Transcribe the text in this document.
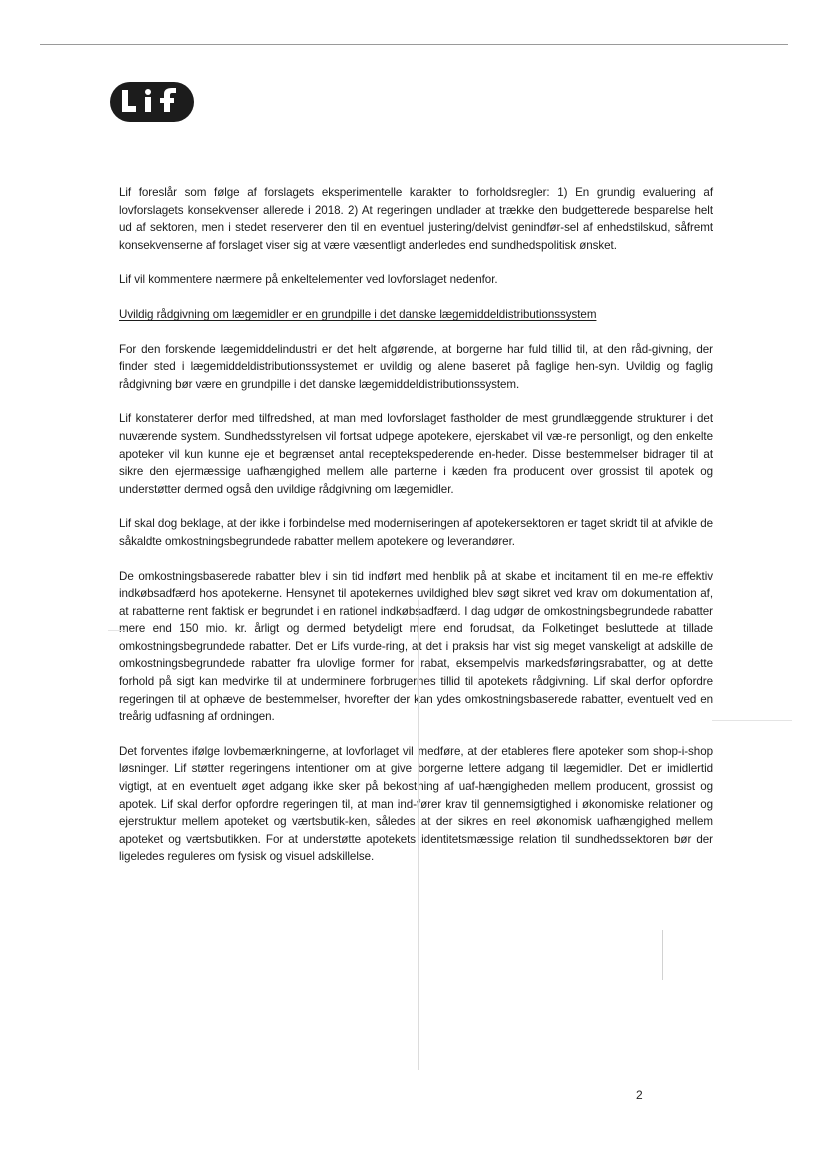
Lif foreslår som følge af forslagets eksperimentelle karakter to forholdsregler: 1) En grundig evaluering af lovforslagets konsekvenser allerede i 2018. 2) At regeringen undlader at trække den budgetterede besparelse helt ud af sektoren, men i stedet reserverer den til en eventuel justering/delvist genindfør-sel af enhedstilskud, såfremt konsekvenserne af forslaget viser sig at være væsentligt anderledes end sundhedspolitisk ønsket.

Lif vil kommentere nærmere på enkeltelementer ved lovforslaget nedenfor.

Uvildig rådgivning om lægemidler er en grundpille i det danske lægemiddeldistributionssystem

For den forskende lægemiddelindustri er det helt afgørende, at borgerne har fuld tillid til, at den råd-givning, der finder sted i lægemiddeldistributionssystemet er uvildig og alene baseret på faglige hen-syn. Uvildig og faglig rådgivning bør være en grundpille i det danske lægemiddeldistributionssystem.

Lif konstaterer derfor med tilfredshed, at man med lovforslaget fastholder de mest grundlæggende strukturer i det nuværende system. Sundhedsstyrelsen vil fortsat udpege apotekere, ejerskabet vil væ-re personligt, og den enkelte apoteker vil kun kunne eje et begrænset antal receptekspederende en-heder. Disse bestemmelser bidrager til at sikre den ejermæssige uafhængighed mellem alle parterne i kæden fra producent over grossist til apotek og understøtter dermed også den uvildige rådgivning om lægemidler.

Lif skal dog beklage, at der ikke i forbindelse med moderniseringen af apotekersektoren er taget skridt til at afvikle de såkaldte omkostningsbegrundede rabatter mellem apotekere og leverandører.

De omkostningsbaserede rabatter blev i sin tid indført med henblik på at skabe et incitament til en me-re effektiv indkøbsadfærd hos apotekerne. Hensynet til apotekernes uvildighed blev søgt sikret ved krav om dokumentation af, at rabatterne rent faktisk er begrundet i en rationel indkøbsadfærd. I dag udgør de omkostningsbegrundede rabatter mere end 150 mio. kr. årligt og dermed betydeligt mere end forudsat, da Folketinget besluttede at tillade omkostningsbegrundede rabatter. Det er Lifs vurde-ring, at det i praksis har vist sig meget vanskeligt at adskille de omkostningsbegrundede rabatter fra ulovlige former for rabat, eksempelvis markedsføringsrabatter, og at dette forhold på sigt kan medvirke til at underminere forbrugernes tillid til apotekets rådgivning. Lif skal derfor opfordre regeringen til at ophæve de bestemmelser, hvorefter der kan ydes omkostningsbaserede rabatter, eventuelt ved en treårig udfasning af ordningen.

Det forventes ifølge lovbemærkningerne, at lovforlaget vil medføre, at der etableres flere apoteker som shop-i-shop løsninger. Lif støtter regeringens intentioner om at give borgerne lettere adgang til lægemidler. Det er imidlertid vigtigt, at en eventuelt øget adgang ikke sker på bekostning af uaf-hængigheden mellem producent, grossist og apotek. Lif skal derfor opfordre regeringen til, at man ind-fører krav til gennemsigtighed i økonomiske relationer og ejerstruktur mellem apoteket og værtsbutik-ken, således at der sikres en reel økonomisk uafhængighed mellem apoteket og værtsbutikken. For at understøtte apotekets identitetsmæssige relation til sundhedssektoren bør der ligeledes reguleres om fysisk og visuel adskillelse.

2
